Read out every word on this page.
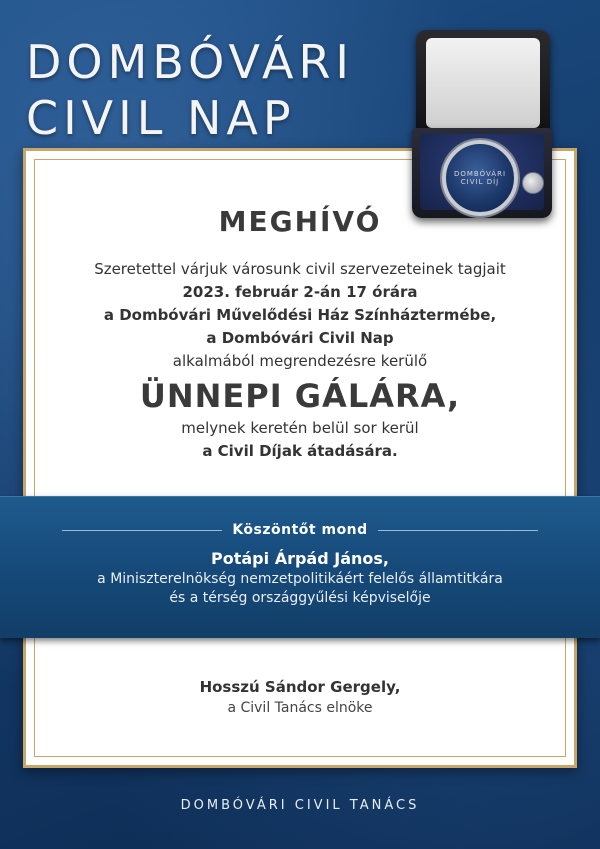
DOMBÓVÁRI
CIVIL NAP
DOMBÓVÁRI CIVIL DÍJ
MEGHÍVÓ
Szeretettel várjuk városunk civil szervezeteinek tagjait
2023. február 2-án 17 órára
a Dombóvári Művelődési Ház Színháztermébe,
a Dombóvári Civil Nap
alkalmából megrendezésre kerülő
ÜNNEPI GÁLÁRA,
melynek keretén belül sor kerül
a Civil Díjak átadására.
Köszöntőt mond
Potápi Árpád János,
a Miniszterelnökség nemzetpolitikáért felelős államtitkára
és a térség országgyűlési képviselője
Hosszú Sándor Gergely,
a Civil Tanács elnöke
DOMBÓVÁRI CIVIL TANÁCS
